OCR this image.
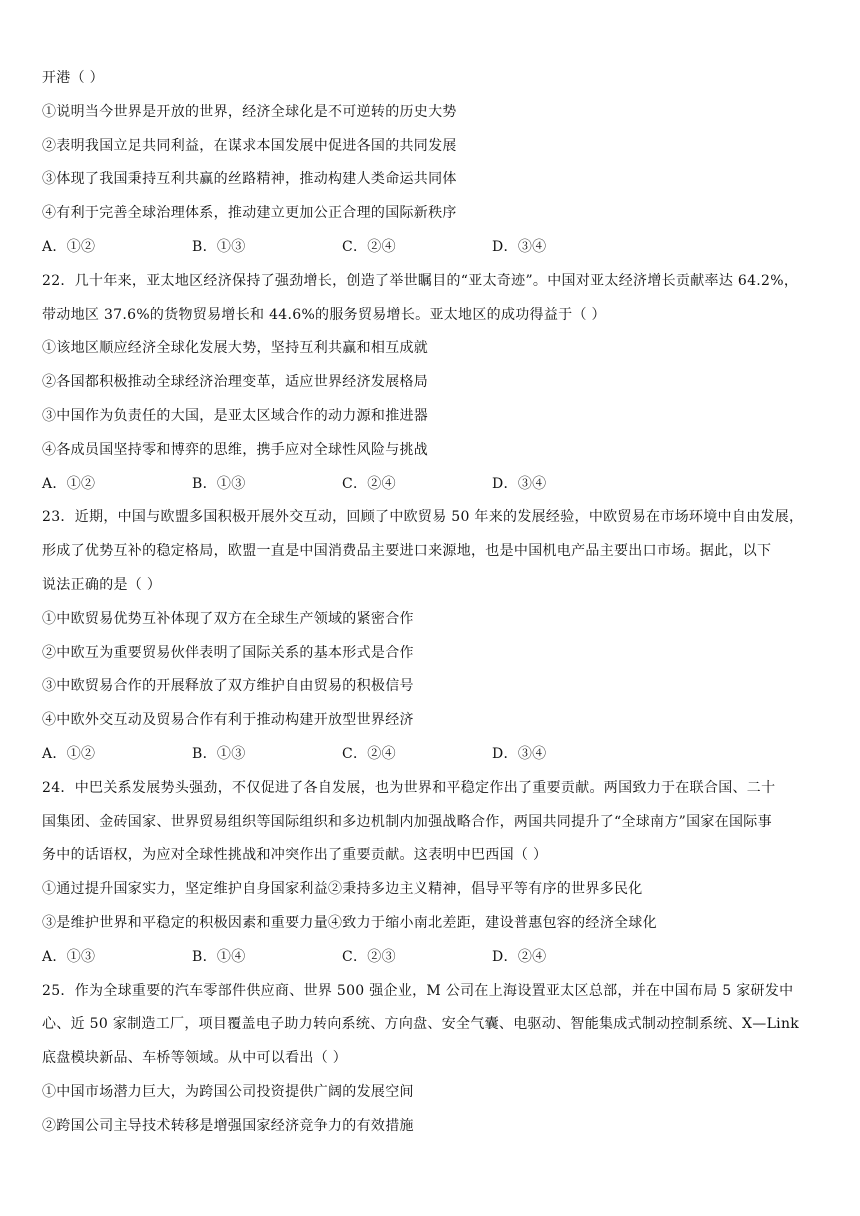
开港（ ）
①说明当今世界是开放的世界，经济全球化是不可逆转的历史大势
②表明我国立足共同利益，在谋求本国发展中促进各国的共同发展
③体现了我国秉持互利共赢的丝路精神，推动构建人类命运共同体
④有利于完善全球治理体系，推动建立更加公正合理的国际新秩序
A．①②	B．①③	C．②④	D．③④
22．几十年来，亚太地区经济保持了强劲增长，创造了举世瞩目的“亚太奇迹”。中国对亚太经济增长贡献率达 64.2%，
带动地区 37.6%的货物贸易增长和 44.6%的服务贸易增长。亚太地区的成功得益于（ ）
①该地区顺应经济全球化发展大势，坚持互利共赢和相互成就
②各国都积极推动全球经济治理变革，适应世界经济发展格局
③中国作为负责任的大国，是亚太区域合作的动力源和推进器
④各成员国坚持零和博弈的思维，携手应对全球性风险与挑战
A．①②	B．①③	C．②④	D．③④
23．近期，中国与欧盟多国积极开展外交互动，回顾了中欧贸易 50 年来的发展经验，中欧贸易在市场环境中自由发展，
形成了优势互补的稳定格局，欧盟一直是中国消费品主要进口来源地，也是中国机电产品主要出口市场。据此，以下
说法正确的是（ ）
①中欧贸易优势互补体现了双方在全球生产领域的紧密合作
②中欧互为重要贸易伙伴表明了国际关系的基本形式是合作
③中欧贸易合作的开展释放了双方维护自由贸易的积极信号
④中欧外交互动及贸易合作有利于推动构建开放型世界经济
A．①②	B．①③	C．②④	D．③④
24．中巴关系发展势头强劲，不仅促进了各自发展，也为世界和平稳定作出了重要贡献。两国致力于在联合国、二十
国集团、金砖国家、世界贸易组织等国际组织和多边机制内加强战略合作，两国共同提升了“全球南方”国家在国际事
务中的话语权，为应对全球性挑战和冲突作出了重要贡献。这表明中巴西国（ ）
①通过提升国家实力，坚定维护自身国家利益②秉持多边主义精神，倡导平等有序的世界多民化
③是维护世界和平稳定的积极因素和重要力量④致力于缩小南北差距，建设普惠包容的经济全球化
A．①③	B．①④	C．②③	D．②④
25．作为全球重要的汽车零部件供应商、世界 500 强企业，M 公司在上海设置亚太区总部，并在中国布局 5 家研发中
心、近 50 家制造工厂，项目覆盖电子助力转向系统、方向盘、安全气囊、电驱动、智能集成式制动控制系统、X—Link
底盘模块新品、车桥等领域。从中可以看出（ ）
①中国市场潜力巨大，为跨国公司投资提供广阔的发展空间
②跨国公司主导技术转移是增强国家经济竞争力的有效措施
